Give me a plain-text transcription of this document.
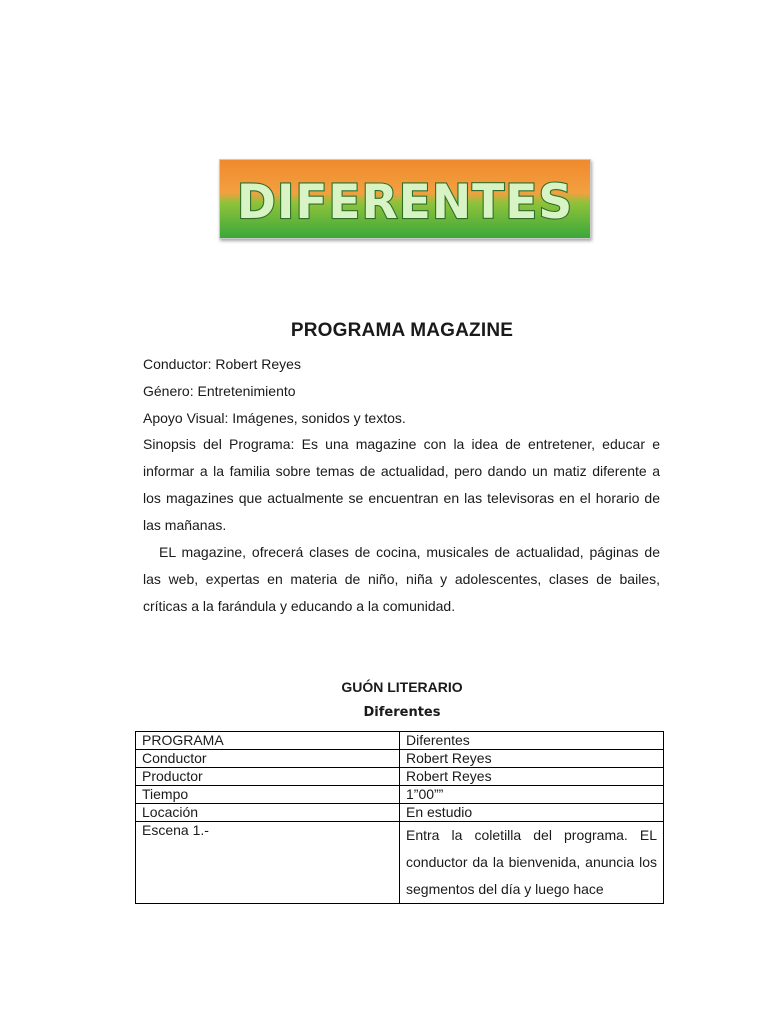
DIFERENTES
PROGRAMA MAGAZINE
Conductor: Robert Reyes
Género: Entretenimiento
Apoyo Visual: Imágenes, sonidos y textos.
Sinopsis del Programa: Es una magazine con la idea de entretener, educar e informar a la familia sobre temas de actualidad, pero dando un matiz diferente a los magazines que actualmente se encuentran en las televisoras en el horario de las mañanas.
EL magazine, ofrecerá clases de cocina, musicales de actualidad, páginas de las web, expertas en materia de niño, niña y adolescentes, clases de bailes, críticas a la farándula y educando a la comunidad.
GUÓN LITERARIO
Diferentes
PROGRAMA	Diferentes
Conductor	Robert Reyes
Productor	Robert Reyes
Tiempo	1”00””
Locación	En estudio
Escena 1.-	Entra la coletilla del programa. EL conductor da la bienvenida, anuncia los segmentos del día y luego hace
